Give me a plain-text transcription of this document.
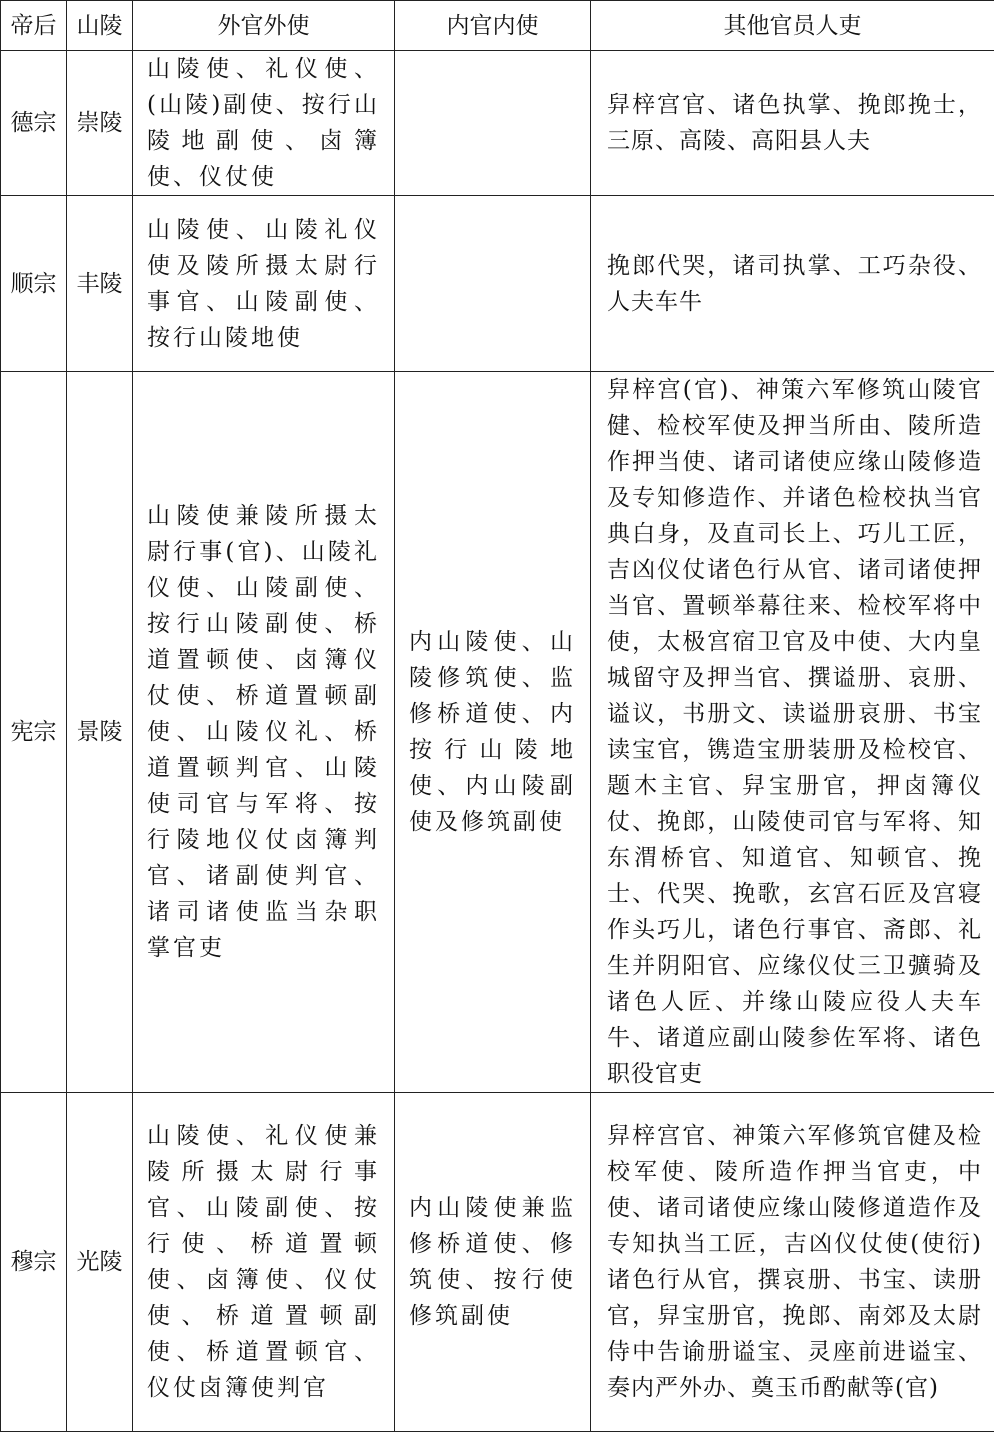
帝后	山陵	外官外使	内官内使	其他官员人吏
德宗	崇陵	山陵使、礼仪使、(山陵)副使、按行山陵地副使、卤簿使、仪仗使		舁梓宫官、诸色执掌、挽郎挽士，三原、高陵、高阳县人夫
顺宗	丰陵	山陵使、山陵礼仪使及陵所摄太尉行事官、山陵副使、按行山陵地使		挽郎代哭，诸司执掌、工巧杂役、人夫车牛
宪宗	景陵	山陵使兼陵所摄太尉行事(官)、山陵礼仪使、山陵副使、按行山陵副使、桥道置顿使、卤簿仪仗使、桥道置顿副使、山陵仪礼、桥道置顿判官、山陵使司官与军将、按行陵地仪仗卤簿判官、诸副使判官、诸司诸使监当杂职掌官吏	内山陵使、山陵修筑使、监修桥道使、内按行山陵地使、内山陵副使及修筑副使	舁梓宫(官)、神策六军修筑山陵官健、检校军使及押当所由、陵所造作押当使、诸司诸使应缘山陵修造及专知修造作、并诸色检校执当官典白身，及直司长上、巧儿工匠，吉凶仪仗诸色行从官、诸司诸使押当官、置顿举幕往来、检校军将中使，太极宫宿卫官及中使、大内皇城留守及押当官、撰谥册、哀册、谥议，书册文、读谥册哀册、书宝读宝官，镌造宝册装册及检校官、题木主官、舁宝册官，押卤簿仪仗、挽郎，山陵使司官与军将、知东渭桥官、知道官、知顿官、挽士、代哭、挽歌，玄宫石匠及宫寝作头巧儿，诸色行事官、斋郎、礼生并阴阳官、应缘仪仗三卫彍骑及诸色人匠、并缘山陵应役人夫车牛、诸道应副山陵参佐军将、诸色职役官吏
穆宗	光陵	山陵使、礼仪使兼陵所摄太尉行事官、山陵副使、按行使、桥道置顿使、卤簿使、仪仗使、桥道置顿副使、桥道置顿官、仪仗卤簿使判官	内山陵使兼监修桥道使、修筑使、按行使修筑副使	舁梓宫官、神策六军修筑官健及检校军使、陵所造作押当官吏，中使、诸司诸使应缘山陵修道造作及专知执当工匠，吉凶仪仗使(使衍)诸色行从官，撰哀册、书宝、读册官，舁宝册官，挽郎、南郊及太尉侍中告谕册谥宝、灵座前进谥宝、奏内严外办、奠玉币酌献等(官)
